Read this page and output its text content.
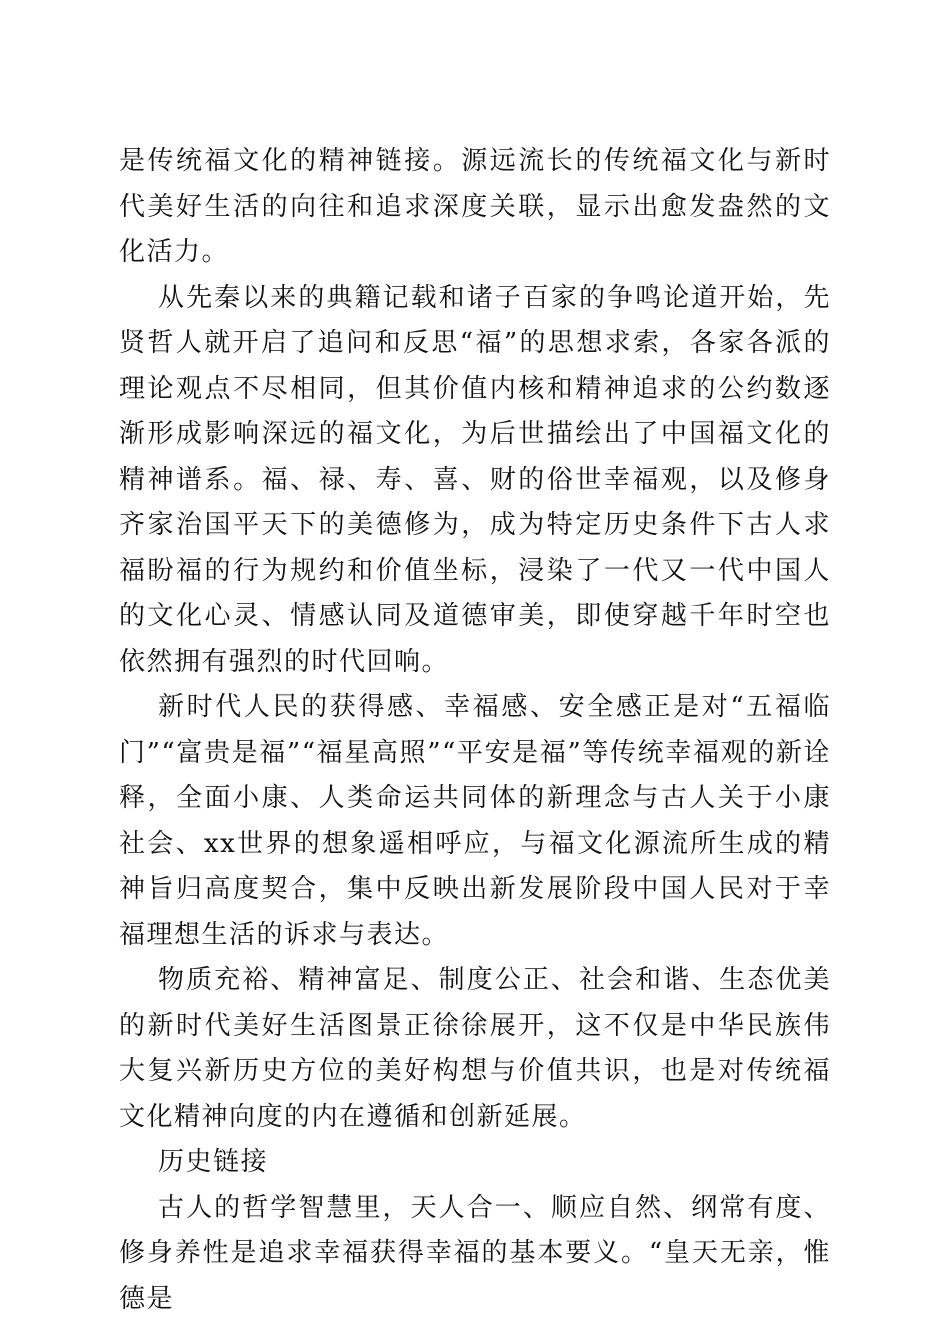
是传统福文化的精神链接。源远流长的传统福文化与新时代美好生活的向往和追求深度关联，显示出愈发盎然的文化活力。

从先秦以来的典籍记载和诸子百家的争鸣论道开始，先贤哲人就开启了追问和反思“福”的思想求索，各家各派的理论观点不尽相同，但其价值内核和精神追求的公约数逐渐形成影响深远的福文化，为后世描绘出了中国福文化的精神谱系。福、禄、寿、喜、财的俗世幸福观，以及修身齐家治国平天下的美德修为，成为特定历史条件下古人求福盼福的行为规约和价值坐标，浸染了一代又一代中国人的文化心灵、情感认同及道德审美，即使穿越千年时空也依然拥有强烈的时代回响。

新时代人民的获得感、幸福感、安全感正是对“五福临门”“富贵是福”“福星高照”“平安是福”等传统幸福观的新诠释，全面小康、人类命运共同体的新理念与古人关于小康社会、xx世界的想象遥相呼应，与福文化源流所生成的精神旨归高度契合，集中反映出新发展阶段中国人民对于幸福理想生活的诉求与表达。

物质充裕、精神富足、制度公正、社会和谐、生态优美的新时代美好生活图景正徐徐展开，这不仅是中华民族伟大复兴新历史方位的美好构想与价值共识，也是对传统福文化精神向度的内在遵循和创新延展。

历史链接

古人的哲学智慧里，天人合一、顺应自然、纲常有度、修身养性是追求幸福获得幸福的基本要义。“皇天无亲，惟德是
